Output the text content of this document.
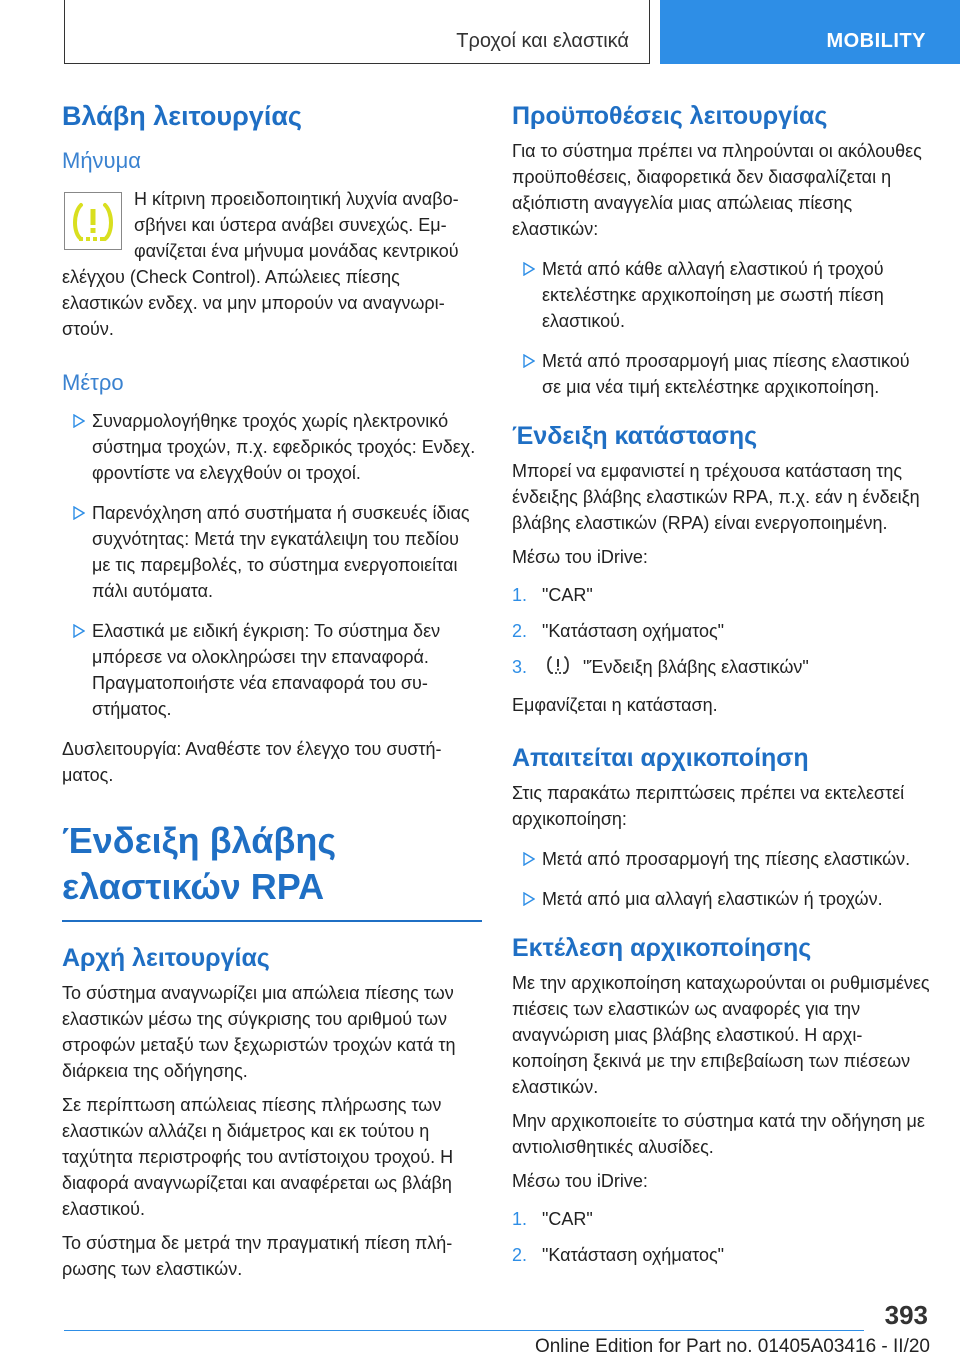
Τροχοί και ελαστικά	MOBILITY
Βλάβη λειτουργίας
Μήνυμα

Η κίτρινη προειδοποιητική λυχνία αναβοσβήνει και ύστερα ανάβει συνεχώς. Εμφανίζεται ένα μήνυμα μονάδας κεντρικού ελέγχου (Check Control). Απώλειες πίεσης ελαστικών ενδεχ. να μην μπορούν να αναγνωριστούν.

Μέτρο
Συναρμολογήθηκε τροχός χωρίς ηλεκτρονικό σύστημα τροχών, π.χ. εφεδρικός τροχός: Ενδεχ. φροντίστε να ελεγχθούν οι τροχοί.
Παρενόχληση από συστήματα ή συσκευές ίδιας συχνότητας: Μετά την εγκατάλειψη του πεδίου με τις παρεμβολές, το σύστημα ενεργοποιείται πάλι αυτόματα.
Ελαστικά με ειδική έγκριση: Το σύστημα δεν μπόρεσε να ολοκληρώσει την επαναφορά. Πραγματοποιήστε νέα επαναφορά του συστήματος.

Δυσλειτουργία: Αναθέστε τον έλεγχο του συστήματος.

Ένδειξη βλάβης ελαστικών RPA
Αρχή λειτουργίας

Το σύστημα αναγνωρίζει μια απώλεια πίεσης των ελαστικών μέσω της σύγκρισης του αριθμού των στροφών μεταξύ των ξεχωριστών τροχών κατά τη διάρκεια της οδήγησης.

Σε περίπτωση απώλειας πίεσης πλήρωσης των ελαστικών αλλάζει η διάμετρος και εκ τούτου η ταχύτητα περιστροφής του αντίστοιχου τροχού. Η διαφορά αναγνωρίζεται και αναφέρεται ως βλάβη ελαστικού.

Το σύστημα δε μετρά την πραγματική πίεση πλήρωσης των ελαστικών.

Προϋποθέσεις λειτουργίας

Για το σύστημα πρέπει να πληρούνται οι ακόλουθες προϋποθέσεις, διαφορετικά δεν διασφαλίζεται η αξιόπιστη αναγγελία μιας απώλειας πίεσης ελαστικών:

Μετά από κάθε αλλαγή ελαστικού ή τροχού εκτελέστηκε αρχικοποίηση με σωστή πίεση ελαστικού.
Μετά από προσαρμογή μιας πίεσης ελαστικού σε μια νέα τιμή εκτελέστηκε αρχικοποίηση.
Ένδειξη κατάστασης

Μπορεί να εμφανιστεί η τρέχουσα κατάσταση της ένδειξης βλάβης ελαστικών RPA, π.χ. εάν η ένδειξη βλάβης ελαστικών (RPA) είναι ενεργοποιημένη.

Μέσω του iDrive:

1. "CAR"
2. "Κατάσταση οχήματος"
3.	"Ένδειξη βλάβης ελαστικών"

Εμφανίζεται η κατάσταση.

Απαιτείται αρχικοποίηση

Στις παρακάτω περιπτώσεις πρέπει να εκτελεστεί αρχικοποίηση:

Μετά από προσαρμογή της πίεσης ελαστικών.
Μετά από μια αλλαγή ελαστικών ή τροχών.
Εκτέλεση αρχικοποίησης

Με την αρχικοποίηση καταχωρούνται οι ρυθμισμένες πιέσεις των ελαστικών ως αναφορές για την αναγνώριση μιας βλάβης ελαστικού. Η αρχικοποίηση ξεκινά με την επιβεβαίωση των πιέσεων ελαστικών.

Μην αρχικοποιείτε το σύστημα κατά την οδήγηση με αντιολισθητικές αλυσίδες.

Μέσω του iDrive:

1. "CAR"
2. "Κατάσταση οχήματος"
393
Online Edition for Part no. 01405A03416 - II/20
